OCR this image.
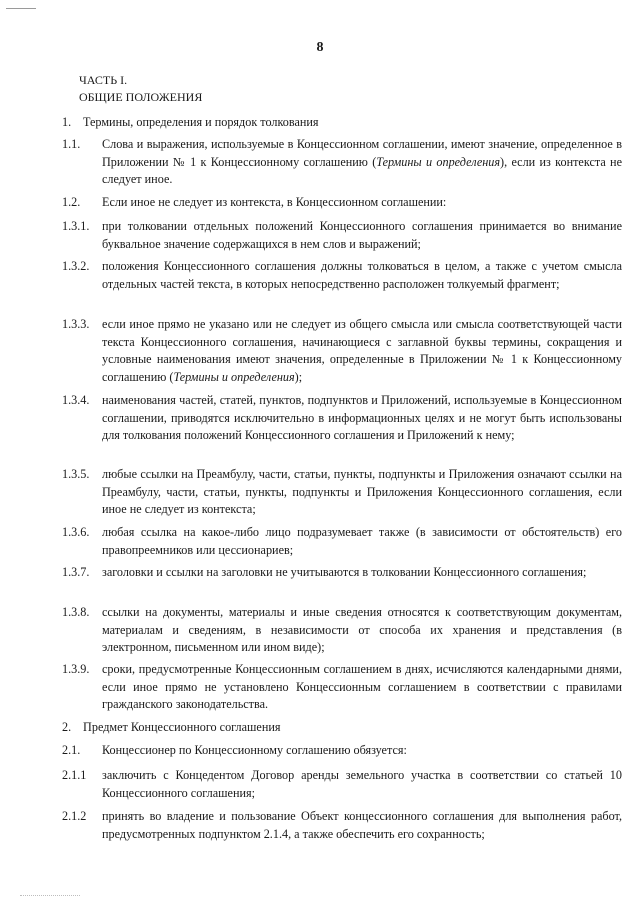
8
ЧАСТЬ I.
ОБЩИЕ ПОЛОЖЕНИЯ
1. Термины, определения и порядок толкования
1.1.	Слова и выражения, используемые в Концессионном соглашении, имеют значение, определенное в Приложении № 1 к Концессионному соглашению (Термины и определения), если из контекста не следует иное.
1.2.	Если иное не следует из контекста, в Концессионном соглашении:
1.3.1.	при толковании отдельных положений Концессионного соглашения принимается во внимание буквальное значение содержащихся в нем слов и выражений;
1.3.2.	положения Концессионного соглашения должны толковаться в целом, а также с учетом смысла отдельных частей текста, в которых непосредственно расположен толкуемый фрагмент;
1.3.3.	если иное прямо не указано или не следует из общего смысла или смысла соответствующей части текста Концессионного соглашения, начинающиеся с заглавной буквы термины, сокращения и условные наименования имеют значения, определенные в Приложении № 1 к Концессионному соглашению (Термины и определения);
1.3.4.	наименования частей, статей, пунктов, подпунктов и Приложений, используемые в Концессионном соглашении, приводятся исключительно в информационных целях и не могут быть использованы для толкования положений Концессионного соглашения и Приложений к нему;
1.3.5.	любые ссылки на Преамбулу, части, статьи, пункты, подпункты и Приложения означают ссылки на Преамбулу, части, статьи, пункты, подпункты и Приложения Концессионного соглашения, если иное не следует из контекста;
1.3.6.	любая ссылка на какое-либо лицо подразумевает также (в зависимости от обстоятельств) его правопреемников или цессионариев;
1.3.7.	заголовки и ссылки на заголовки не учитываются в толковании Концессионного соглашения;
1.3.8.	ссылки на документы, материалы и иные сведения относятся к соответствующим документам, материалам и сведениям, в независимости от способа их хранения и представления (в электронном, письменном или ином виде);
1.3.9.	сроки, предусмотренные Концессионным соглашением в днях, исчисляются календарными днями, если иное прямо не установлено Концессионным соглашением в соответствии с правилами гражданского законодательства.
2. Предмет Концессионного соглашения
2.1.	Концессионер по Концессионному соглашению обязуется:
2.1.1	заключить с Концедентом Договор аренды земельного участка в соответствии со статьей 10 Концессионного соглашения;
2.1.2	принять во владение и пользование Объект концессионного соглашения для выполнения работ, предусмотренных подпунктом 2.1.4, а также обеспечить его сохранность;
